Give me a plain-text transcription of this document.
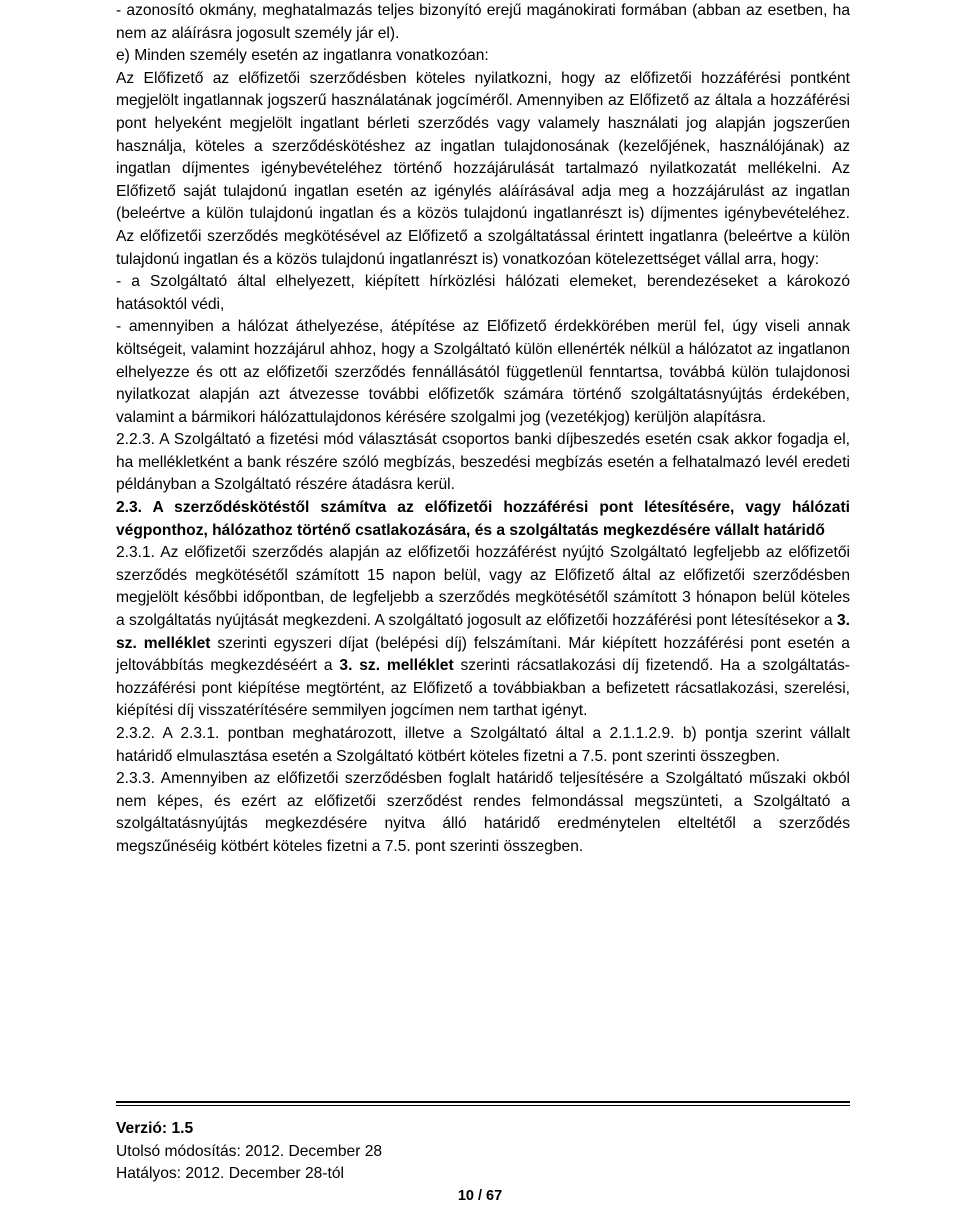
- azonosító okmány, meghatalmazás teljes bizonyító erejű magánokirati formában (abban az esetben, ha nem az aláírásra jogosult személy jár el).

e) Minden személy esetén az ingatlanra vonatkozóan:

Az Előfizető az előfizetői szerződésben köteles nyilatkozni, hogy az előfizetői hozzáférési pontként megjelölt ingatlannak jogszerű használatának jogcíméről. Amennyiben az Előfizető az általa a hozzáférési pont helyeként megjelölt ingatlant bérleti szerződés vagy valamely használati jog alapján jogszerűen használja, köteles a szerződéskötéshez az ingatlan tulajdonosának (kezelőjének, használójának) az ingatlan díjmentes igénybevételéhez történő hozzájárulását tartalmazó nyilatkozatát mellékelni. Az Előfizető saját tulajdonú ingatlan esetén az igénylés aláírásával adja meg a hozzájárulást az ingatlan (beleértve a külön tulajdonú ingatlan és a közös tulajdonú ingatlanrészt is) díjmentes igénybevételéhez. Az előfizetői szerződés megkötésével az Előfizető a szolgáltatással érintett ingatlanra (beleértve a külön tulajdonú ingatlan és a közös tulajdonú ingatlanrészt is) vonatkozóan kötelezettséget vállal arra, hogy:

- a Szolgáltató által elhelyezett, kiépített hírközlési hálózati elemeket, berendezéseket a károkozó hatásoktól védi,

- amennyiben a hálózat áthelyezése, átépítése az Előfizető érdekkörében merül fel, úgy viseli annak költségeit, valamint hozzájárul ahhoz, hogy a Szolgáltató külön ellenérték nélkül a hálózatot az ingatlanon elhelyezze és ott az előfizetői szerződés fennállásától függetlenül fenntartsa, továbbá külön tulajdonosi nyilatkozat alapján azt átvezesse további előfizetők számára történő szolgáltatásnyújtás érdekében, valamint a bármikori hálózattulajdonos kérésére szolgalmi jog (vezetékjog) kerüljön alapításra.

2.2.3. A Szolgáltató a fizetési mód választását csoportos banki díjbeszedés esetén csak akkor fogadja el, ha mellékletként a bank részére szóló megbízás, beszedési megbízás esetén a felhatalmazó levél eredeti példányban a Szolgáltató részére átadásra kerül.

2.3. A szerződéskötéstől számítva az előfizetői hozzáférési pont létesítésére, vagy hálózati végponthoz, hálózathoz történő csatlakozására, és a szolgáltatás megkezdésére vállalt határidő

2.3.1. Az előfizetői szerződés alapján az előfizetői hozzáférést nyújtó Szolgáltató legfeljebb az előfizetői szerződés megkötésétől számított 15 napon belül, vagy az Előfizető által az előfizetői szerződésben megjelölt későbbi időpontban, de legfeljebb a szerződés megkötésétől számított 3 hónapon belül köteles a szolgáltatás nyújtását megkezdeni. A szolgáltató jogosult az előfizetői hozzáférési pont létesítésekor a 3. sz. melléklet szerinti egyszeri díjat (belépési díj) felszámítani. Már kiépített hozzáférési pont esetén a jeltovábbítás megkezdéséért a 3. sz. melléklet szerinti rácsatlakozási díj fizetendő. Ha a szolgáltatás-hozzáférési pont kiépítése megtörtént, az Előfizető a továbbiakban a befizetett rácsatlakozási, szerelési, kiépítési díj visszatérítésére semmilyen jogcímen nem tarthat igényt.

2.3.2. A 2.3.1. pontban meghatározott, illetve a Szolgáltató által a 2.1.1.2.9. b) pontja szerint vállalt határidő elmulasztása esetén a Szolgáltató kötbért köteles fizetni a 7.5. pont szerinti összegben.

2.3.3. Amennyiben az előfizetői szerződésben foglalt határidő teljesítésére a Szolgáltató műszaki okból nem képes, és ezért az előfizetői szerződést rendes felmondással megszünteti, a Szolgáltató a szolgáltatásnyújtás megkezdésére nyitva álló határidő eredménytelen elteltétől a szerződés megszűnéséig kötbért köteles fizetni a 7.5. pont szerinti összegben.

Verzió: 1.5
Utolsó módosítás: 2012. December 28
Hatályos: 2012. December 28-tól
10 / 67
